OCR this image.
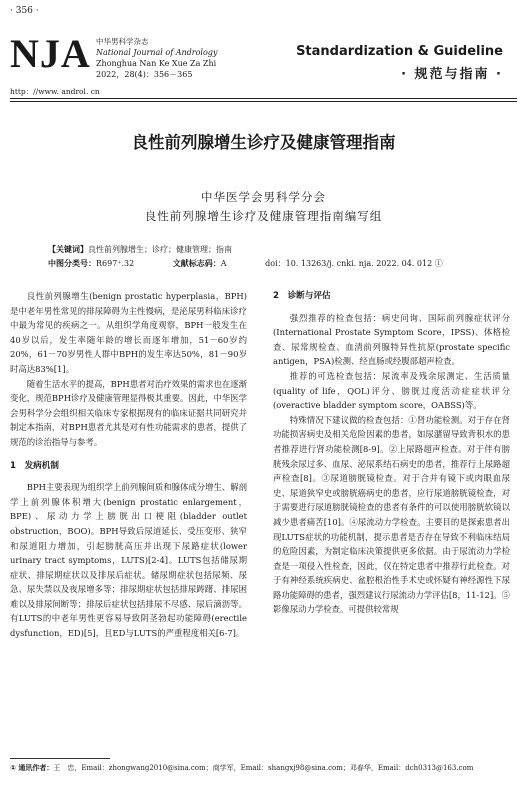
· 356 ·
NJA 中华男科学杂志
National Journal of Andrology
Zhonghua Nan Ke Xue Za Zhi
2022，28(4)：356－365
http：//www. androl. cn
Standardization & Guideline
· 规范与指南 ·
良性前列腺增生诊疗及健康管理指南
中华医学会男科学分会
良性前列腺增生诊疗及健康管理指南编写组
【关键词】良性前列腺增生；诊疗；健康管理；指南
中图分类号：R697⁺.32	文献标志码：A	doi：10. 13263/j. cnki. nja. 2022. 04. 012 ①

良性前列腺增生(benign prostatic hyperplasia，BPH)是中老年男性常见的排尿障碍为主性慢病，是泌尿男科临床诊疗中最为常见的疾病之一。从组织学角度观察，BPH一般发生在40岁以后，发生率随年龄的增长而逐年增加，51－60岁约20%，61－70岁男性人群中BPH的发生率达50%，81－90岁时高达83%[1]。

随着生活水平的提高，BPH患者对治疗效果的需求也在逐渐变化，规范BPH诊疗及健康管理显得极其重要。因此，中华医学会男科学分会组织相关临床专家根据现有的临床证据共同研究并制定本指南，对BPH患者尤其是对有性功能需求的患者，提供了规范的诊治指导与参考。

1　发病机制

BPH主要表现为组织学上前列腺间质和腺体成分增生、解剖学上前列腺体积增大(benign prostatic enlargement，BPE)、尿动力学上膀胱出口梗阻(bladder outlet obstruction，BOO)。BPH导致后尿道延长、受压变形、狭窄和尿道阻力增加，引起膀胱高压并出现下尿路症状(lower urinary tract symptoms，LUTS)[2-4]。LUTS包括储尿期症状、排尿期症状以及排尿后症状。储尿期症状包括尿频、尿急、尿失禁以及夜尿增多等；排尿期症状包括排尿踌躇、排尿困难以及排尿间断等；排尿后症状包括排尿不尽感、尿后滴沥等。有LUTS的中老年男性更容易导致阴茎勃起功能障碍(erectile dysfunction，ED)[5]，且ED与LUTS的严重程度相关[6-7]。

2　诊断与评估

强烈推荐的检查包括：病史问询、国际前列腺症状评分(International Prostate Symptom Score，IPSS)、体格检查、尿常规检查、血清前列腺特异性抗原(prostate specific antigen，PSA)检测、经直肠或经腹部超声检查。

推荐的可选检查包括：尿流率及残余尿测定、生活质量(quality of life，QOL)评分、膀胱过度活动症症状评分(overactive bladder symptom score，OABSS)等。

特殊情况下建议做的检查包括：①肾功能检测。对于存在肾功能损害病史及相关危险因素的患者，如尿潴留导致背积水的患者推荐进行肾功能检测[8-9]。②上尿路超声检查。对于伴有膀胱残余尿过多、血尿、泌尿系结石病史的患者，推荐行上尿路超声检查[8]。③尿道膀胱镜检查。对于合并有镜下或肉眼血尿史、尿道狭窄史或膀胱癌病史的患者，应行尿道膀胱镜检查，对于需要进行尿道膀胱镜检查的患者有条件的可以使用膀胱软镜以减少患者痛苦[10]。④尿流动力学检查。主要目的是探索患者出现LUTS症状的功能机制，提示患者是否存在导致不利临床结局的危险因素，为制定临床决策提供更多依据。由于尿流动力学检查是一项侵入性检查，因此，仅在特定患者中推荐行此检查。对于有神经系统疾病史、盆腔根治性手术史或怀疑有神经源性下尿路功能障碍的患者，强烈建议行尿流动力学评估[8，11-12]。⑤影像尿动力学检查。可提供较常规

① 通讯作者：王　忠，Email：zhongwang2010@sina.com；商学军，Email：shangxj98@sina.com；邓春华，Email：dch0313@163.com
